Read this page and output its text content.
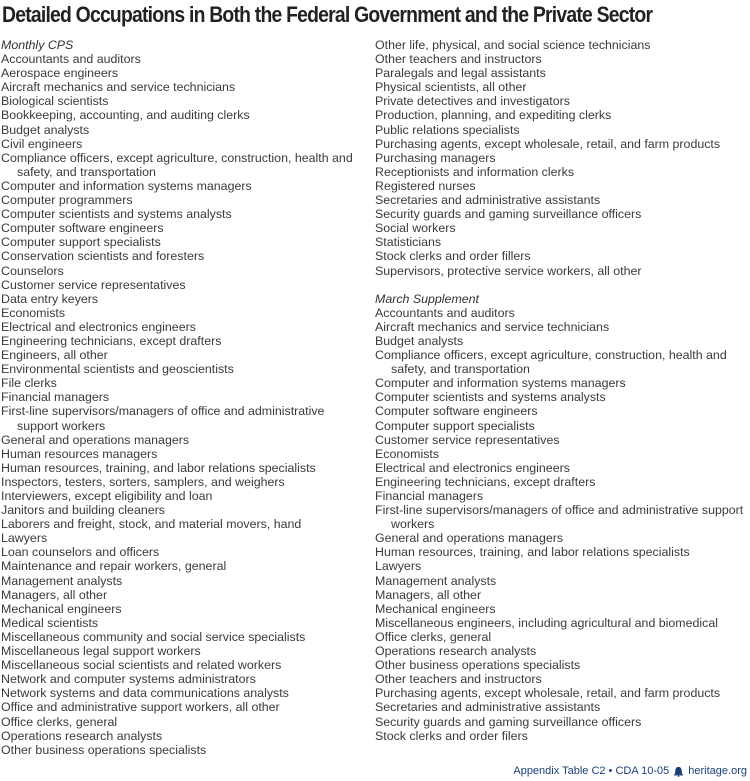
Detailed Occupations in Both the Federal Government and the Private Sector
Monthly CPS
Accountants and auditors
Aerospace engineers
Aircraft mechanics and service technicians
Biological scientists
Bookkeeping, accounting, and auditing clerks
Budget analysts
Civil engineers
Compliance officers, except agriculture, construction, health and safety, and transportation
Computer and information systems managers
Computer programmers
Computer scientists and systems analysts
Computer software engineers
Computer support specialists
Conservation scientists and foresters
Counselors
Customer service representatives
Data entry keyers
Economists
Electrical and electronics engineers
Engineering technicians, except drafters
Engineers, all other
Environmental scientists and geoscientists
File clerks
Financial managers
First-line supervisors/managers of office and administrative support workers
General and operations managers
Human resources managers
Human resources, training, and labor relations specialists
Inspectors, testers, sorters, samplers, and weighers
Interviewers, except eligibility and loan
Janitors and building cleaners
Laborers and freight, stock, and material movers, hand
Lawyers
Loan counselors and officers
Maintenance and repair workers, general
Management analysts
Managers, all other
Mechanical engineers
Medical scientists
Miscellaneous community and social service specialists
Miscellaneous legal support workers
Miscellaneous social scientists and related workers
Network and computer systems administrators
Network systems and data communications analysts
Office and administrative support workers, all other
Office clerks, general
Operations research analysts
Other business operations specialists
Other life, physical, and social science technicians
Other teachers and instructors
Paralegals and legal assistants
Physical scientists, all other
Private detectives and investigators
Production, planning, and expediting clerks
Public relations specialists
Purchasing agents, except wholesale, retail, and farm products
Purchasing managers
Receptionists and information clerks
Registered nurses
Secretaries and administrative assistants
Security guards and gaming surveillance officers
Social workers
Statisticians
Stock clerks and order fillers
Supervisors, protective service workers, all other
March Supplement
Accountants and auditors
Aircraft mechanics and service technicians
Budget analysts
Compliance officers, except agriculture, construction, health and safety, and transportation
Computer and information systems managers
Computer scientists and systems analysts
Computer software engineers
Computer support specialists
Customer service representatives
Economists
Electrical and electronics engineers
Engineering technicians, except drafters
Financial managers
First-line supervisors/managers of office and administrative support workers
General and operations managers
Human resources, training, and labor relations specialists
Lawyers
Management analysts
Managers, all other
Mechanical engineers
Miscellaneous engineers, including agricultural and biomedical
Office clerks, general
Operations research analysts
Other business operations specialists
Other teachers and instructors
Purchasing agents, except wholesale, retail, and farm products
Secretaries and administrative assistants
Security guards and gaming surveillance officers
Stock clerks and order filers
Appendix Table C2 • CDA 10-05 heritage.org
